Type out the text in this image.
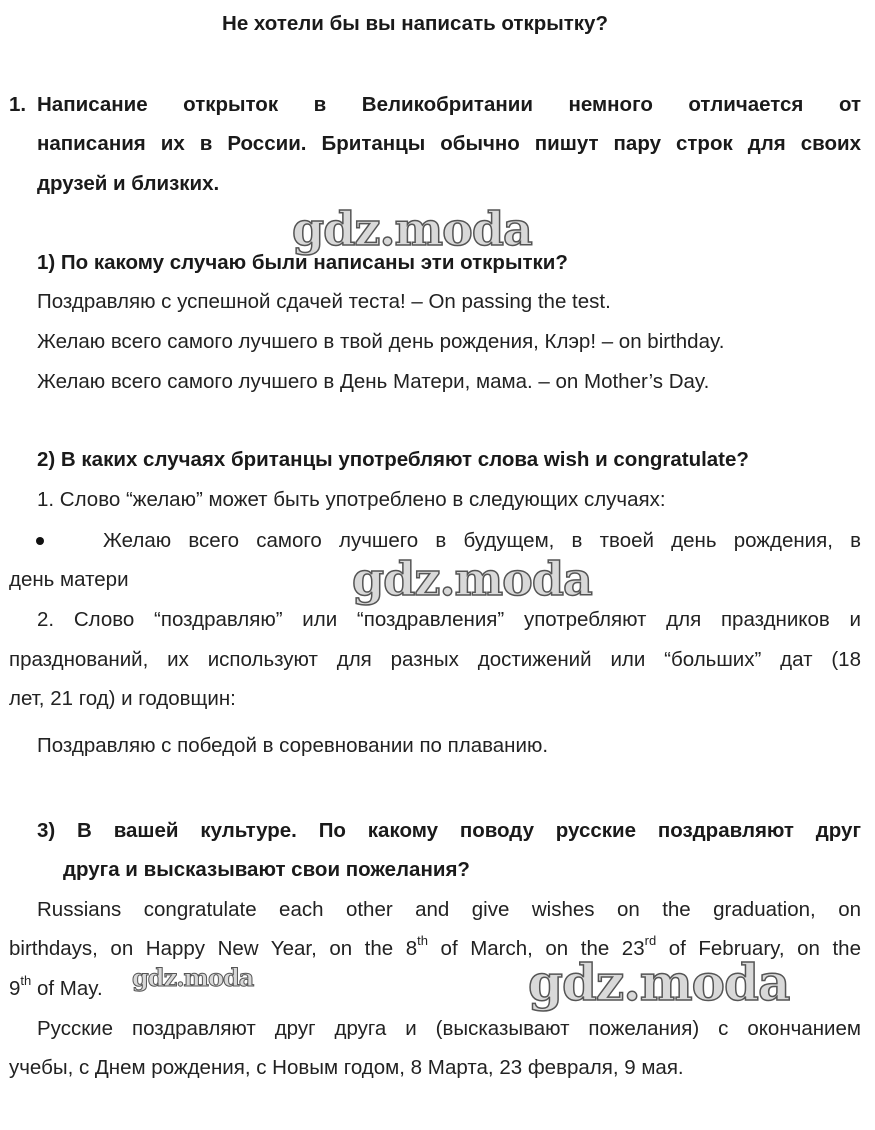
Не хотели бы вы написать открытку?
1. Написание открыток в Великобритании немного отличается от
написания их в России. Британцы обычно пишут пару строк для своих
друзей и близких.
gdz.moda
1) По какому случаю были написаны эти открытки?
Поздравляю с успешной сдачей теста! – On passing the test.
Желаю всего самого лучшего в твой день рождения, Клэр! – on birthday.
Желаю всего самого лучшего в День Матери, мама. – on Mother’s Day.
2) В каких случаях британцы употребляют слова wish и congratulate?
1. Слово “желаю” может быть употреблено в следующих случаях:
Желаю всего самого лучшего в будущем, в твоей день рождения, в
день матери	gdz.moda
2. Слово “поздравляю” или “поздравления” употребляют для праздников и
празднований, их используют для разных достижений или “больших” дат (18
лет, 21 год) и годовщин:
Поздравляю с победой в соревновании по плаванию.
3) В вашей культуре. По какому поводу русские поздравляют друг
друга и высказывают свои пожелания?
Russians congratulate each other and give wishes on the graduation, on
birthdays, on Happy New Year, on the 8th of March, on the 23rd of February, on the
9th of May. gdz.moda	gdz.moda
Русские поздравляют друг друга и (высказывают пожелания) с окончанием
учебы, с Днем рождения, с Новым годом, 8 Марта, 23 февраля, 9 мая.
